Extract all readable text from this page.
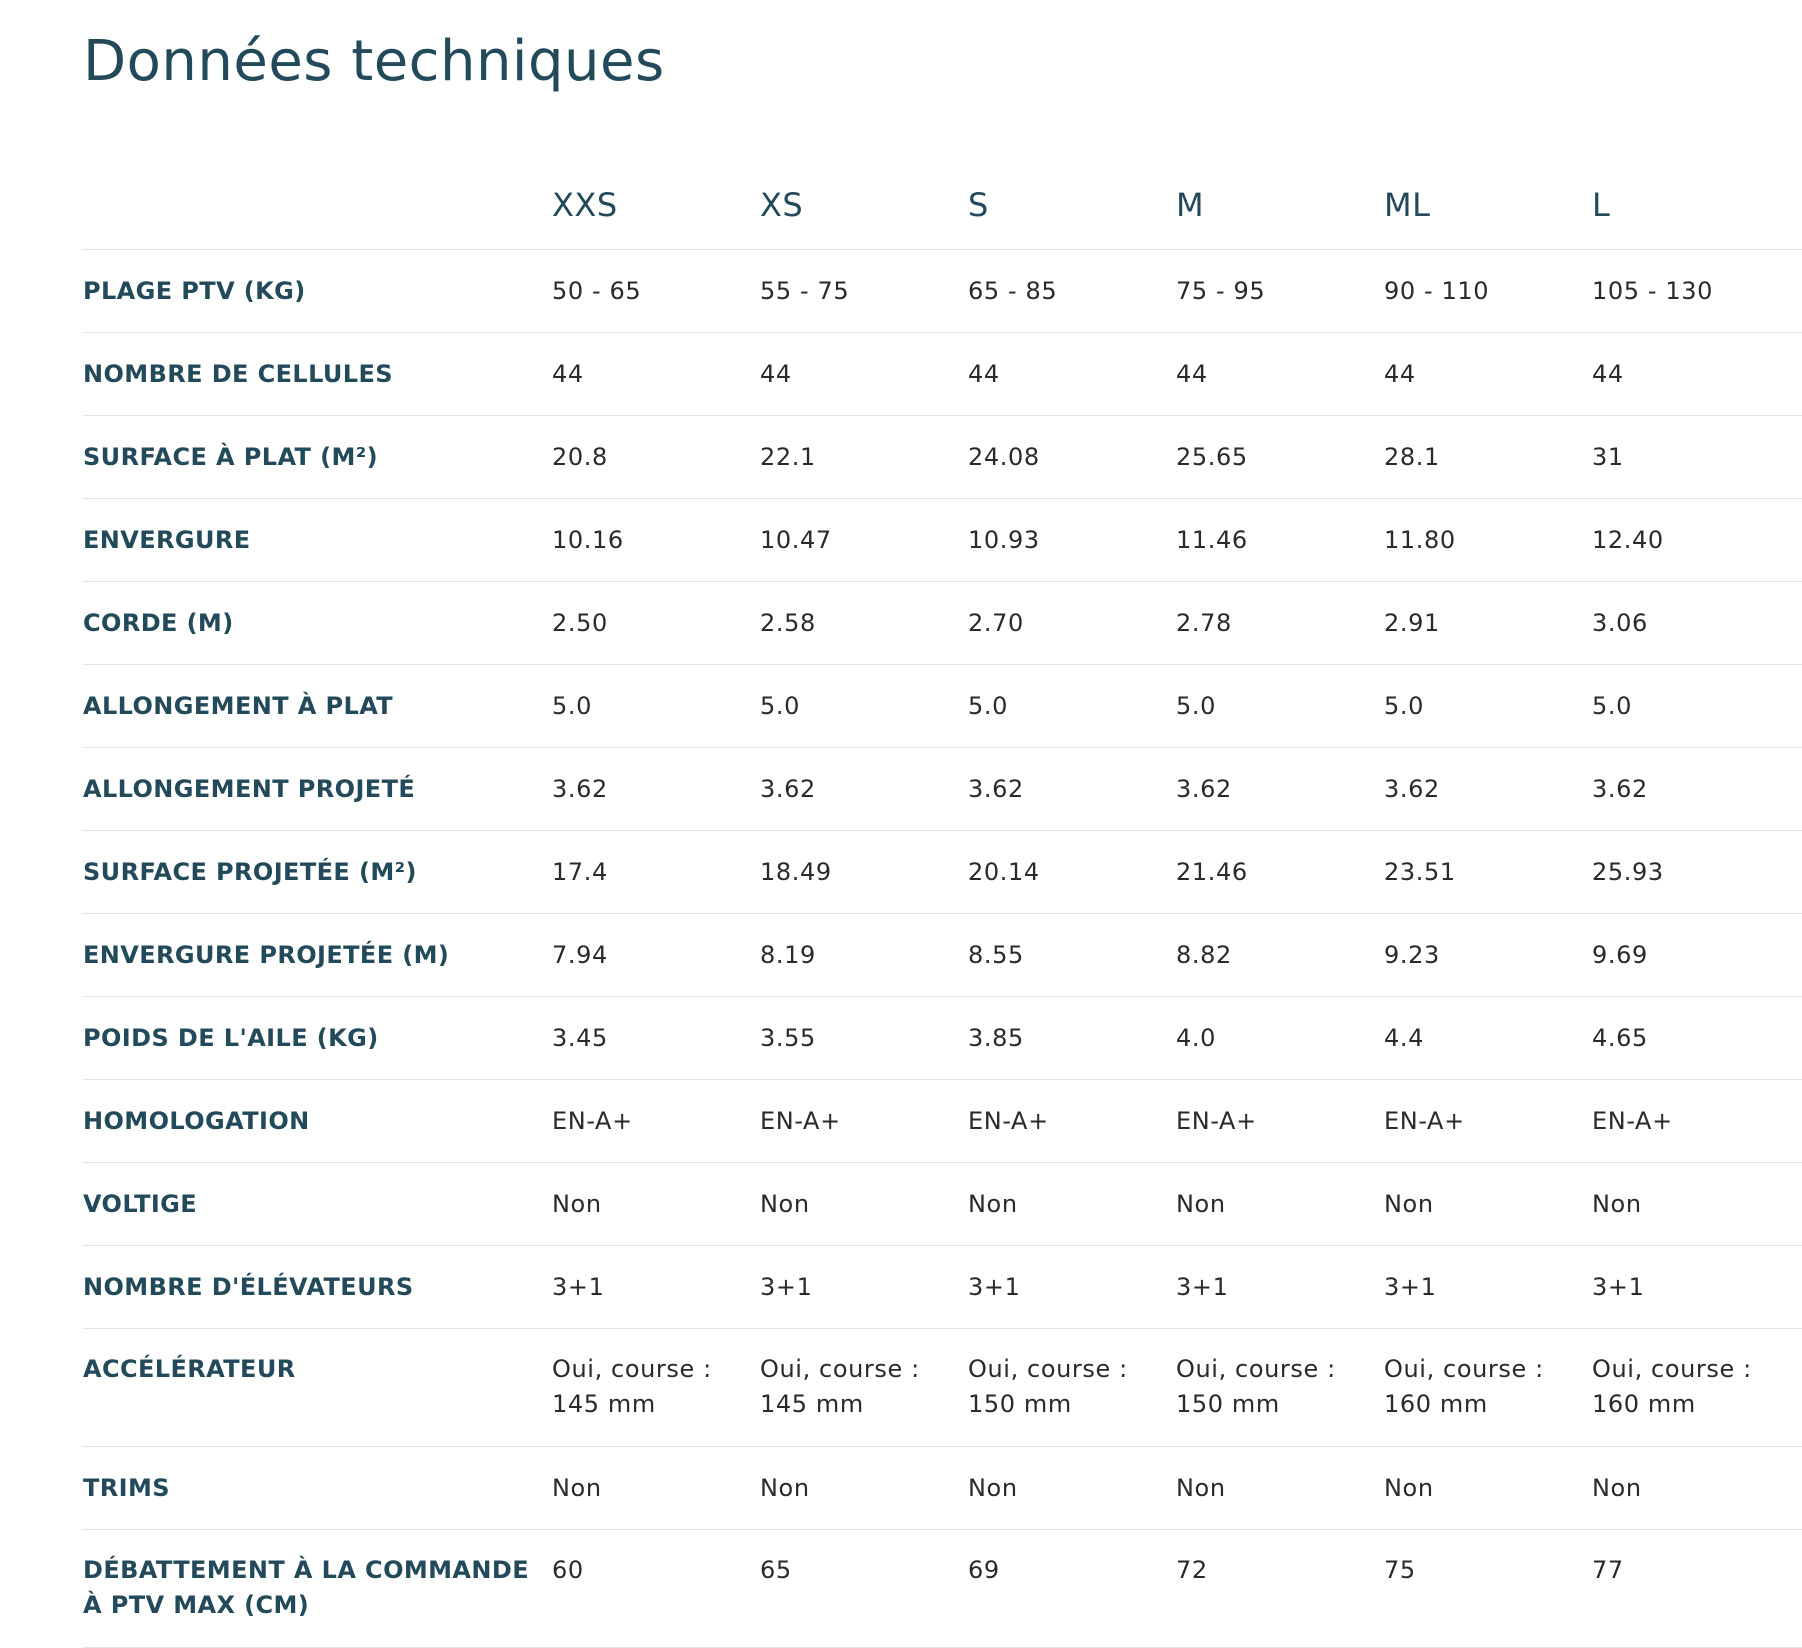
Données techniques
	XXS	XS	S	M	ML	L
PLAGE PTV (KG)	50 - 65	55 - 75	65 - 85	75 - 95	90 - 110	105 - 130
NOMBRE DE CELLULES	44	44	44	44	44	44
SURFACE À PLAT (M²)	20.8	22.1	24.08	25.65	28.1	31
ENVERGURE	10.16	10.47	10.93	11.46	11.80	12.40
CORDE (M)	2.50	2.58	2.70	2.78	2.91	3.06
ALLONGEMENT À PLAT	5.0	5.0	5.0	5.0	5.0	5.0
ALLONGEMENT PROJETÉ	3.62	3.62	3.62	3.62	3.62	3.62
SURFACE PROJETÉE (M²)	17.4	18.49	20.14	21.46	23.51	25.93
ENVERGURE PROJETÉE (M)	7.94	8.19	8.55	8.82	9.23	9.69
POIDS DE L'AILE (KG)	3.45	3.55	3.85	4.0	4.4	4.65
HOMOLOGATION	EN-A+	EN-A+	EN-A+	EN-A+	EN-A+	EN-A+
VOLTIGE	Non	Non	Non	Non	Non	Non
NOMBRE D'ÉLÉVATEURS	3+1	3+1	3+1	3+1	3+1	3+1
ACCÉLÉRATEUR	Oui, course : 145 mm	Oui, course : 145 mm	Oui, course : 150 mm	Oui, course : 150 mm	Oui, course : 160 mm	Oui, course : 160 mm
TRIMS	Non	Non	Non	Non	Non	Non
DÉBATTEMENT À LA COMMANDE À PTV MAX (CM)	60	65	69	72	75	77
